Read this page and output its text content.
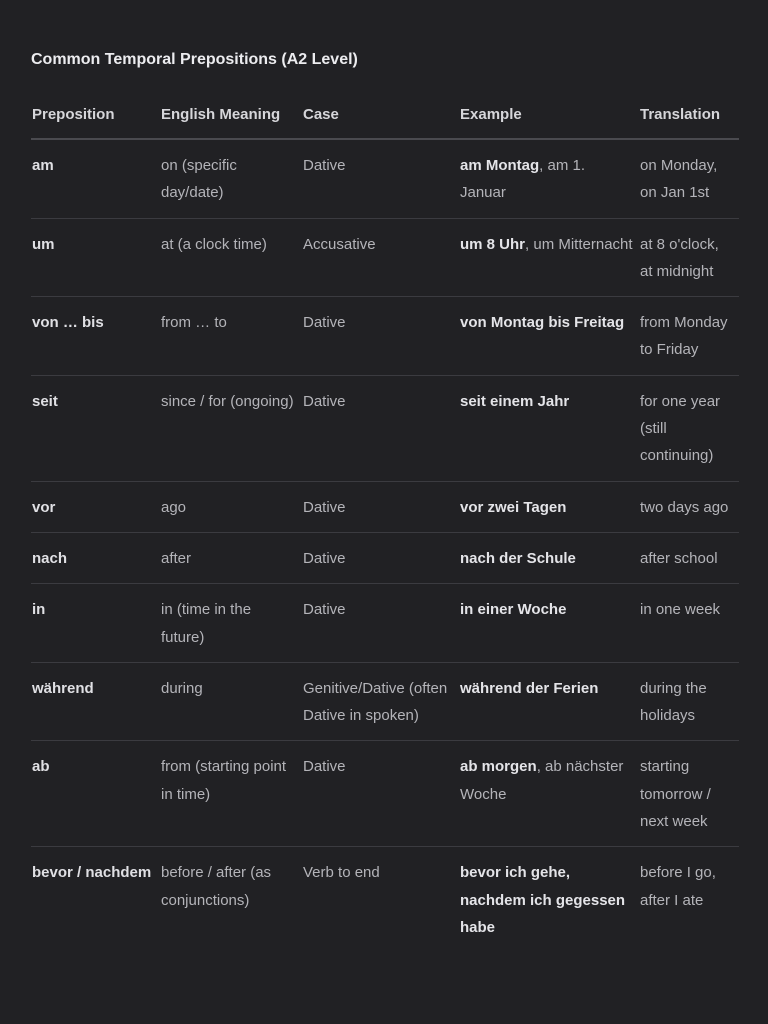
Common Temporal Prepositions (A2 Level)
Preposition	English Meaning	Case	Example	Translation
am	on (specific day/date)	Dative	am Montag, am 1. Januar	on Monday, on Jan 1st
um	at (a clock time)	Accusative	um 8 Uhr, um Mitternacht	at 8 o'clock, at midnight
von … bis	from … to	Dative	von Montag bis Freitag	from Monday to Friday
seit	since / for (ongoing)	Dative	seit einem Jahr	for one year (still continuing)
vor	ago	Dative	vor zwei Tagen	two days ago
nach	after	Dative	nach der Schule	after school
in	in (time in the future)	Dative	in einer Woche	in one week
während	during	Genitive/Dative (often Dative in spoken)	während der Ferien	during the holidays
ab	from (starting point in time)	Dative	ab morgen, ab nächster Woche	starting tomorrow / next week
bevor / nachdem	before / after (as conjunctions)	Verb to end	bevor ich gehe, nachdem ich gegessen habe	before I go, after I ate
